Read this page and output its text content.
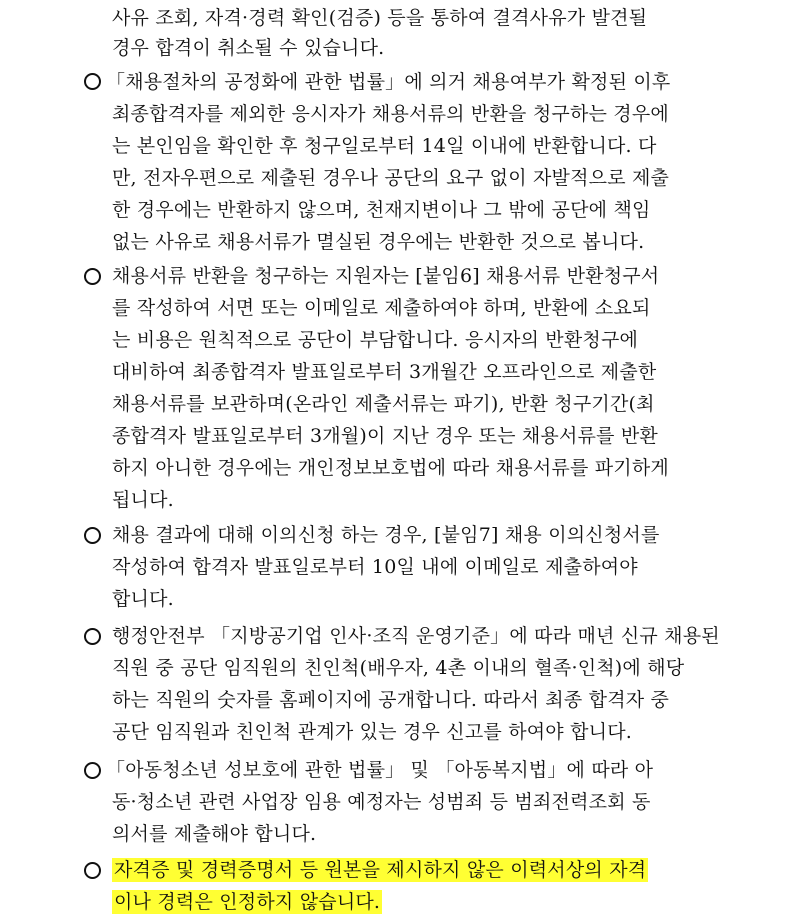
사유 조회, 자격·경력 확인(검증) 등을 통하여 결격사유가 발견될
경우 합격이 취소될 수 있습니다.
「채용절차의 공정화에 관한 법률」에 의거 채용여부가 확정된 이후
최종합격자를 제외한 응시자가 채용서류의 반환을 청구하는 경우에
는 본인임을 확인한 후 청구일로부터 14일 이내에 반환합니다. 다
만, 전자우편으로 제출된 경우나 공단의 요구 없이 자발적으로 제출
한 경우에는 반환하지 않으며, 천재지변이나 그 밖에 공단에 책임
없는 사유로 채용서류가 멸실된 경우에는 반환한 것으로 봅니다.
채용서류 반환을 청구하는 지원자는 [붙임6] 채용서류 반환청구서
를 작성하여 서면 또는 이메일로 제출하여야 하며, 반환에 소요되
는 비용은 원칙적으로 공단이 부담합니다. 응시자의 반환청구에
대비하여 최종합격자 발표일로부터 3개월간 오프라인으로 제출한
채용서류를 보관하며(온라인 제출서류는 파기), 반환 청구기간(최
종합격자 발표일로부터 3개월)이 지난 경우 또는 채용서류를 반환
하지 아니한 경우에는 개인정보보호법에 따라 채용서류를 파기하게
됩니다.
채용 결과에 대해 이의신청 하는 경우, [붙임7] 채용 이의신청서를
작성하여 합격자 발표일로부터 10일 내에 이메일로 제출하여야
합니다.
행정안전부 「지방공기업 인사·조직 운영기준」에 따라 매년 신규 채용된
직원 중 공단 임직원의 친인척(배우자, 4촌 이내의 혈족·인척)에 해당
하는 직원의 숫자를 홈페이지에 공개합니다. 따라서 최종 합격자 중
공단 임직원과 친인척 관계가 있는 경우 신고를 하여야 합니다.
「아동청소년 성보호에 관한 법률」 및 「아동복지법」에 따라 아
동·청소년 관련 사업장 임용 예정자는 성범죄 등 범죄전력조회 동
의서를 제출해야 합니다.
자격증 및 경력증명서 등 원본을 제시하지 않은 이력서상의 자격
이나 경력은 인정하지 않습니다.
